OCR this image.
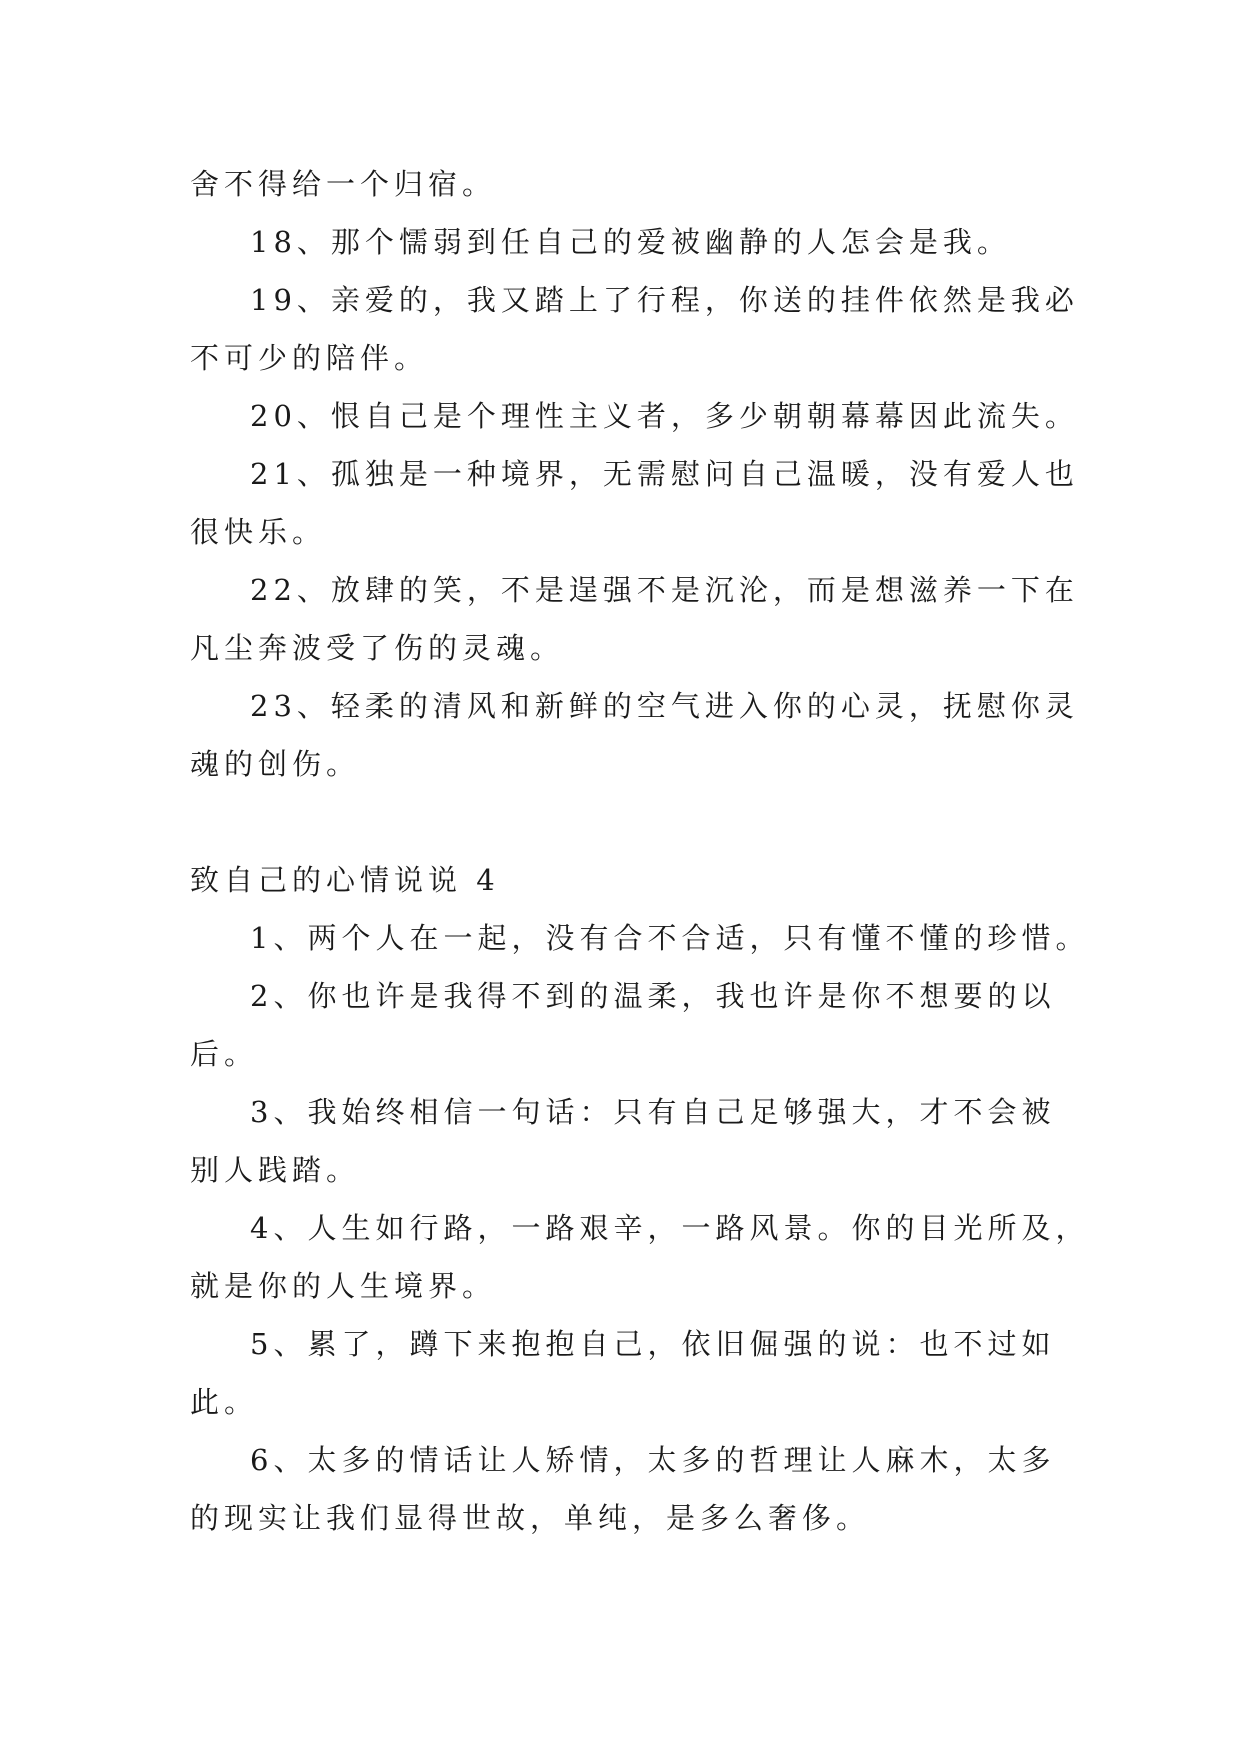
舍不得给一个归宿。
18、那个懦弱到任自己的爱被幽静的人怎会是我。
19、亲爱的，我又踏上了行程，你送的挂件依然是我必
不可少的陪伴。
20、恨自己是个理性主义者，多少朝朝幕幕因此流失。
21、孤独是一种境界，无需慰问自己温暖，没有爱人也
很快乐。
22、放肆的笑，不是逞强不是沉沦，而是想滋养一下在
凡尘奔波受了伤的灵魂。
23、轻柔的清风和新鲜的空气进入你的心灵，抚慰你灵
魂的创伤。
致自己的心情说说 4
1、两个人在一起，没有合不合适，只有懂不懂的珍惜。
2、你也许是我得不到的温柔，我也许是你不想要的以
后。
3、我始终相信一句话：只有自己足够强大，才不会被
别人践踏。
4、人生如行路，一路艰辛，一路风景。你的目光所及，
就是你的人生境界。
5、累了，蹲下来抱抱自己，依旧倔强的说：也不过如
此。
6、太多的情话让人矫情，太多的哲理让人麻木，太多
的现实让我们显得世故，单纯，是多么奢侈。
